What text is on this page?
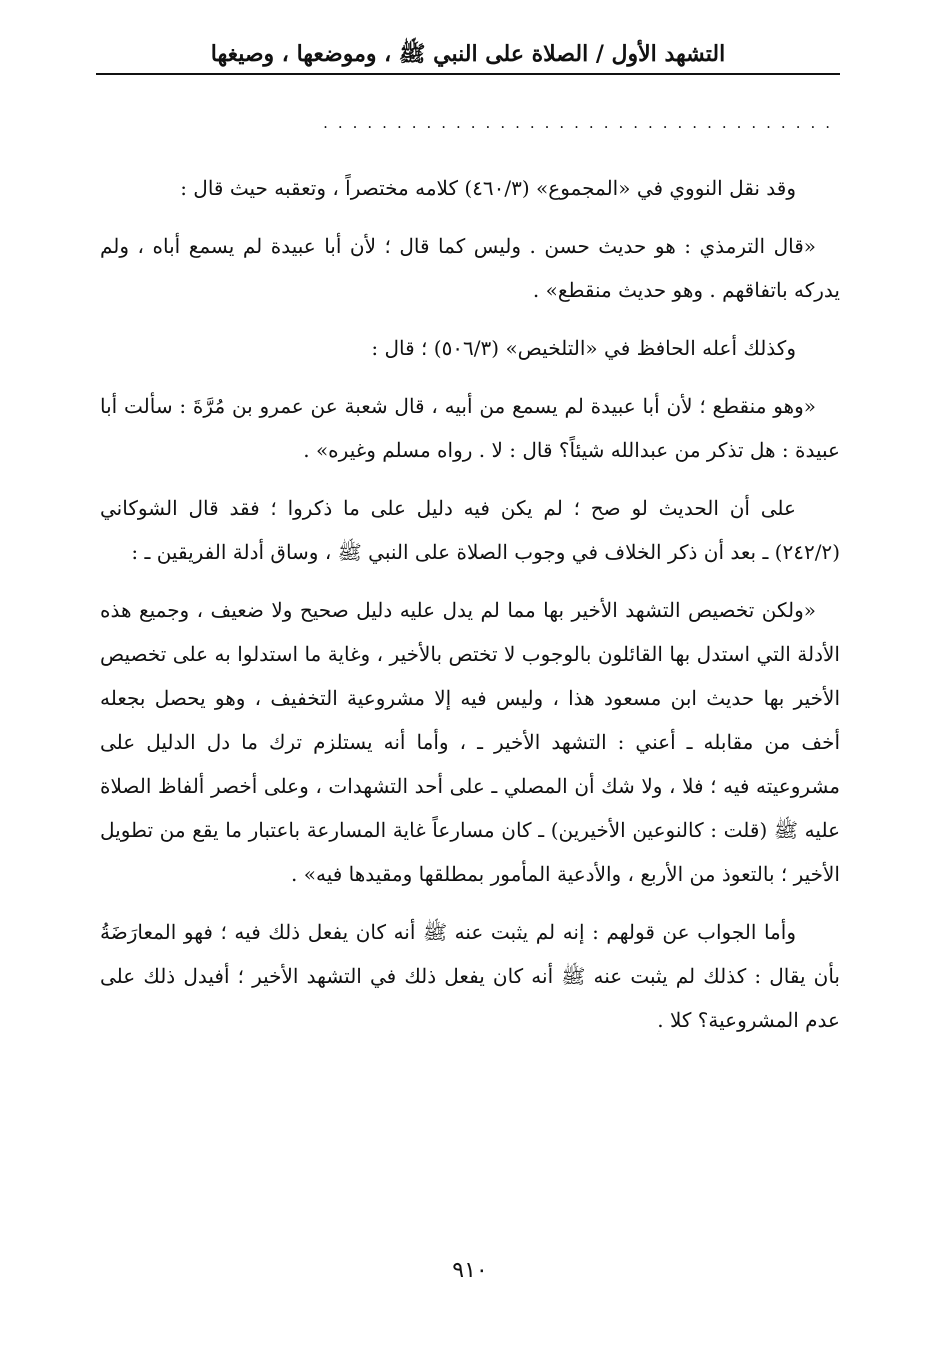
التشهد الأول / الصلاة على النبي ﷺ ، وموضعها ، وصيغها
...................................

وقد نقل النووي في «المجموع» (٤٦٠/٣) كلامه مختصراً ، وتعقبه حيث قال :

«قال الترمذي : هو حديث حسن . وليس كما قال ؛ لأن أبا عبيدة لم يسمع أباه ، ولم يدركه باتفاقهم . وهو حديث منقطع» .

وكذلك أعله الحافظ في «التلخيص» (٥٠٦/٣) ؛ قال :

«وهو منقطع ؛ لأن أبا عبيدة لم يسمع من أبيه ، قال شعبة عن عمرو بن مُرَّةَ : سألت أبا عبيدة : هل تذكر من عبدالله شيئاً؟ قال : لا . رواه مسلم وغيره» .

على أن الحديث لو صح ؛ لم يكن فيه دليل على ما ذكروا ؛ فقد قال الشوكاني (٢٤٢/٢) ـ بعد أن ذكر الخلاف في وجوب الصلاة على النبي ﷺ ، وساق أدلة الفريقين ـ :

«ولكن تخصيص التشهد الأخير بها مما لم يدل عليه دليل صحيح ولا ضعيف ، وجميع هذه الأدلة التي استدل بها القائلون بالوجوب لا تختص بالأخير ، وغاية ما استدلوا به على تخصيص الأخير بها حديث ابن مسعود هذا ، وليس فيه إلا مشروعية التخفيف ، وهو يحصل بجعله أخف من مقابله ـ أعني : التشهد الأخير ـ ، وأما أنه يستلزم ترك ما دل الدليل على مشروعيته فيه ؛ فلا ، ولا شك أن المصلي ـ على أحد التشهدات ، وعلى أخصر ألفاظ الصلاة عليه ﷺ (قلت : كالنوعين الأخيرين) ـ كان مسارعاً غاية المسارعة باعتبار ما يقع من تطويل الأخير ؛ بالتعوذ من الأربع ، والأدعية المأمور بمطلقها ومقيدها فيه» .

وأما الجواب عن قولهم : إنه لم يثبت عنه ﷺ أنه كان يفعل ذلك فيه ؛ فهو المعارَضَةُ بأن يقال : كذلك لم يثبت عنه ﷺ أنه كان يفعل ذلك في التشهد الأخير ؛ أفيدل ذلك على عدم المشروعية؟ كلا .

٩١٠
